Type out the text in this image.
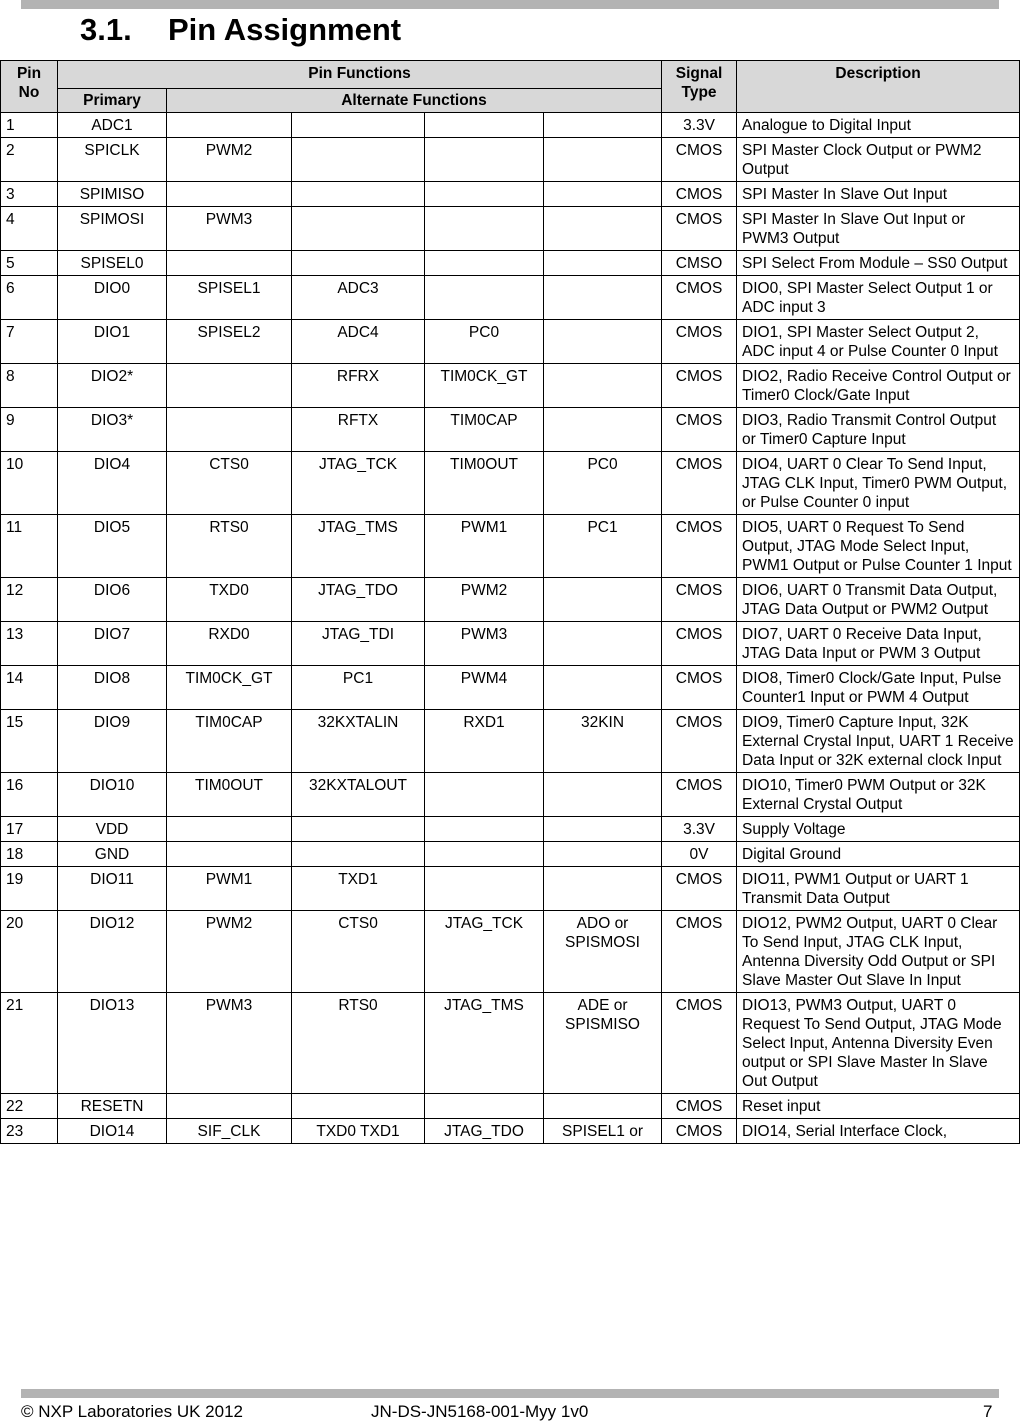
3.1. Pin Assignment
Pin No	Pin Functions					Signal Type	Description
	Primary	Alternate Functions					
1	ADC1					3.3V	Analogue to Digital Input
2	SPICLK	PWM2				CMOS	SPI Master Clock Output or PWM2 Output
3	SPIMISO					CMOS	SPI Master In Slave Out Input
4	SPIMOSI	PWM3				CMOS	SPI Master In Slave Out Input or PWM3 Output
5	SPISEL0					CMSO	SPI Select From Module – SS0 Output
6	DIO0	SPISEL1	ADC3			CMOS	DIO0, SPI Master Select Output 1 or ADC input 3
7	DIO1	SPISEL2	ADC4	PC0		CMOS	DIO1, SPI Master Select Output 2, ADC input 4 or Pulse Counter 0 Input
8	DIO2*		RFRX	TIM0CK_GT		CMOS	DIO2, Radio Receive Control Output or Timer0 Clock/Gate Input
9	DIO3*		RFTX	TIM0CAP		CMOS	DIO3, Radio Transmit Control Output or Timer0 Capture Input
10	DIO4	CTS0	JTAG_TCK	TIM0OUT	PC0	CMOS	DIO4, UART 0 Clear To Send Input, JTAG CLK Input, Timer0 PWM Output, or Pulse Counter 0 input
11	DIO5	RTS0	JTAG_TMS	PWM1	PC1	CMOS	DIO5, UART 0 Request To Send Output, JTAG Mode Select Input, PWM1 Output or Pulse Counter 1 Input
12	DIO6	TXD0	JTAG_TDO	PWM2		CMOS	DIO6, UART 0 Transmit Data Output, JTAG Data Output or PWM2 Output
13	DIO7	RXD0	JTAG_TDI	PWM3		CMOS	DIO7, UART 0 Receive Data Input, JTAG Data Input or PWM 3 Output
14	DIO8	TIM0CK_GT	PC1	PWM4		CMOS	DIO8, Timer0 Clock/Gate Input, Pulse Counter1 Input or PWM 4 Output
15	DIO9	TIM0CAP	32KXTALIN	RXD1	32KIN	CMOS	DIO9, Timer0 Capture Input, 32K External Crystal Input, UART 1 Receive Data Input or 32K external clock Input
16	DIO10	TIM0OUT	32KXTALOUT			CMOS	DIO10, Timer0 PWM Output or 32K External Crystal Output
17	VDD					3.3V	Supply Voltage
18	GND					0V	Digital Ground
19	DIO11	PWM1	TXD1			CMOS	DIO11, PWM1 Output or UART 1 Transmit Data Output
20	DIO12	PWM2	CTS0	JTAG_TCK	ADO or SPISMOSI	CMOS	DIO12, PWM2 Output, UART 0 Clear To Send Input, JTAG CLK Input, Antenna Diversity Odd Output or SPI Slave Master Out Slave In Input
21	DIO13	PWM3	RTS0	JTAG_TMS	ADE or SPISMISO	CMOS	DIO13, PWM3 Output, UART 0 Request To Send Output, JTAG Mode Select Input, Antenna Diversity Even output or SPI Slave Master In Slave Out Output
22	RESETN					CMOS	Reset input
23	DIO14	SIF_CLK	TXD0 TXD1	JTAG_TDO	SPISEL1 or	CMOS	DIO14, Serial Interface Clock,
© NXP Laboratories UK 2012	JN-DS-JN5168-001-Myy 1v0	7
